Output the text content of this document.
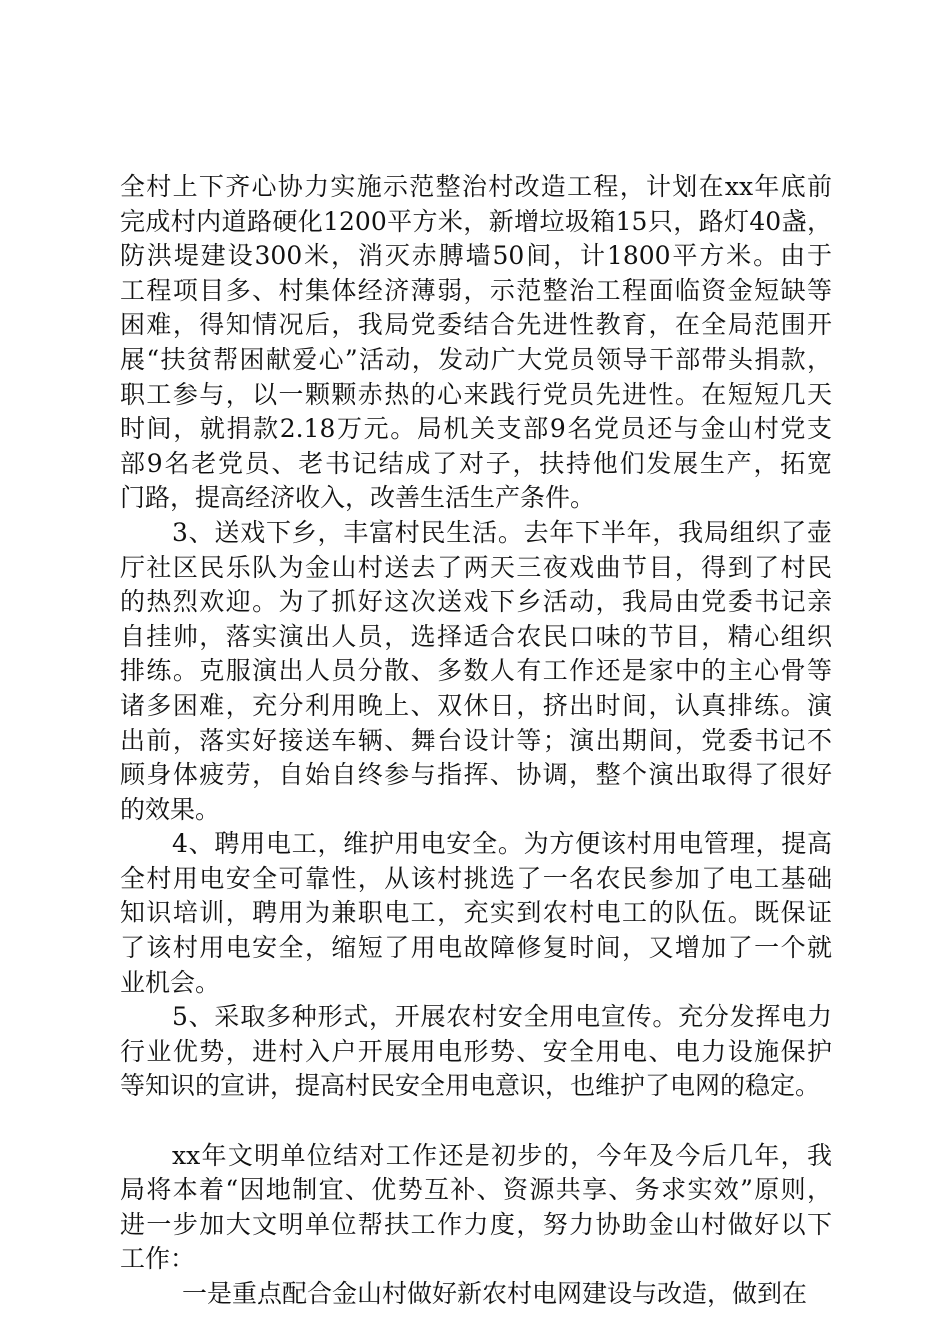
全村上下齐心协力实施示范整治村改造工程，计划在xx年底前
完成村内道路硬化1200平方米，新增垃圾箱15只，路灯40盏，
防洪堤建设300米，消灭赤膊墙50间，计1800平方米。由于
工程项目多、村集体经济薄弱，示范整治工程面临资金短缺等
困难，得知情况后，我局党委结合先进性教育，在全局范围开
展“扶贫帮困献爱心”活动，发动广大党员领导干部带头捐款，
职工参与，以一颗颗赤热的心来践行党员先进性。在短短几天
时间，就捐款2.18万元。局机关支部9名党员还与金山村党支
部9名老党员、老书记结成了对子，扶持他们发展生产，拓宽
门路，提高经济收入，改善生活生产条件。
3、送戏下乡，丰富村民生活。去年下半年，我局组织了壶
厅社区民乐队为金山村送去了两天三夜戏曲节目，得到了村民
的热烈欢迎。为了抓好这次送戏下乡活动，我局由党委书记亲
自挂帅，落实演出人员，选择适合农民口味的节目，精心组织
排练。克服演出人员分散、多数人有工作还是家中的主心骨等
诸多困难，充分利用晚上、双休日，挤出时间，认真排练。演
出前，落实好接送车辆、舞台设计等；演出期间，党委书记不
顾身体疲劳，自始自终参与指挥、协调，整个演出取得了很好
的效果。
4、聘用电工，维护用电安全。为方便该村用电管理，提高
全村用电安全可靠性，从该村挑选了一名农民参加了电工基础
知识培训，聘用为兼职电工，充实到农村电工的队伍。既保证
了该村用电安全，缩短了用电故障修复时间，又增加了一个就
业机会。
5、采取多种形式，开展农村安全用电宣传。充分发挥电力
行业优势，进村入户开展用电形势、安全用电、电力设施保护
等知识的宣讲，提高村民安全用电意识，也维护了电网的稳定。
xx年文明单位结对工作还是初步的，今年及今后几年，我
局将本着“因地制宜、优势互补、资源共享、务求实效”原则，
进一步加大文明单位帮扶工作力度，努力协助金山村做好以下
工作：
一是重点配合金山村做好新农村电网建设与改造，做到在
